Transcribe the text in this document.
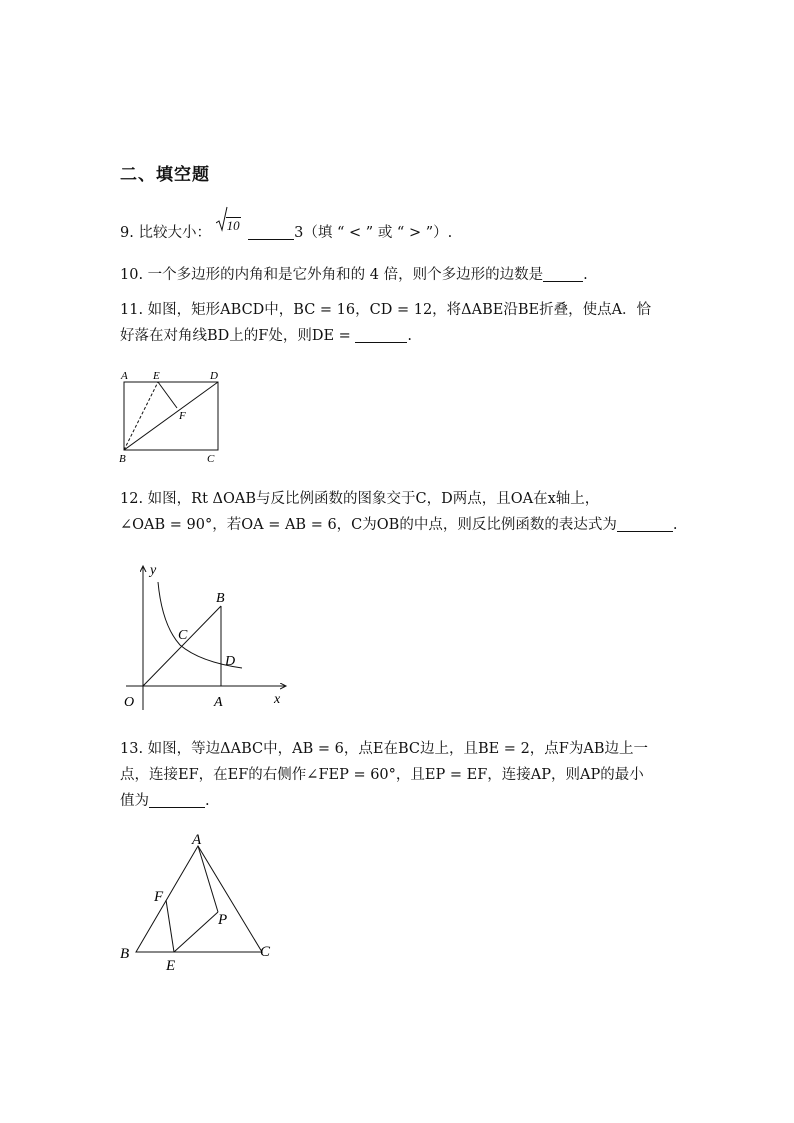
二、填空题
9. 比较大小： 10	3（填 “ < ” 或 “ > ”）.
10. 一个多边形的内角和是它外角和的 4 倍，则个多边形的边数是	.
11. 如图，矩形ABCD中，BC = 16，CD = 12，将ΔABE沿BE折叠，使点A．恰
好落在对角线BD上的F处，则DE =	.
A E	D
F
B	C
12. 如图，Rt ΔOAB与反比例函数的图象交于C，D两点，且OA在x轴上，
∠OAB = 90°，若OA = AB = 6，C为OB的中点，则反比例函数的表达式为	.
y
x
O	A
B
C
D
13. 如图，等边ΔABC中，AB = 6，点E在BC边上，且BE = 2，点F为AB边上一
点，连接EF，在EF的右侧作∠FEP = 60°，且EP = EF，连接AP，则AP的最小
值为	.
A
F
P
B
E
C
